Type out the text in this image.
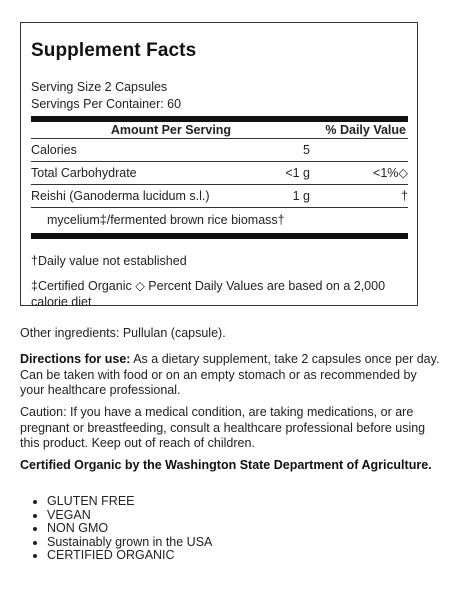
Supplement Facts
Serving Size 2 Capsules
Servings Per Container: 60
Amount Per Serving	% Daily Value
Calories	5
Total Carbohydrate	<1 g	<1%◇
Reishi (Ganoderma lucidum s.l.)	1 g	†
mycelium‡/fermented brown rice biomass†
†Daily value not established
‡Certified Organic ◇ Percent Daily Values are based on a 2,000 calorie diet
Other ingredients: Pullulan (capsule).
Directions for use: As a dietary supplement, take 2 capsules once per day. Can be taken with food or on an empty stomach or as recommended by your healthcare professional.
Caution: If you have a medical condition, are taking medications, or are pregnant or breastfeeding, consult a healthcare professional before using this product. Keep out of reach of children.
Certified Organic by the Washington State Department of Agriculture.
• GLUTEN FREE
• VEGAN
• NON GMO
• Sustainably grown in the USA
• CERTIFIED ORGANIC
